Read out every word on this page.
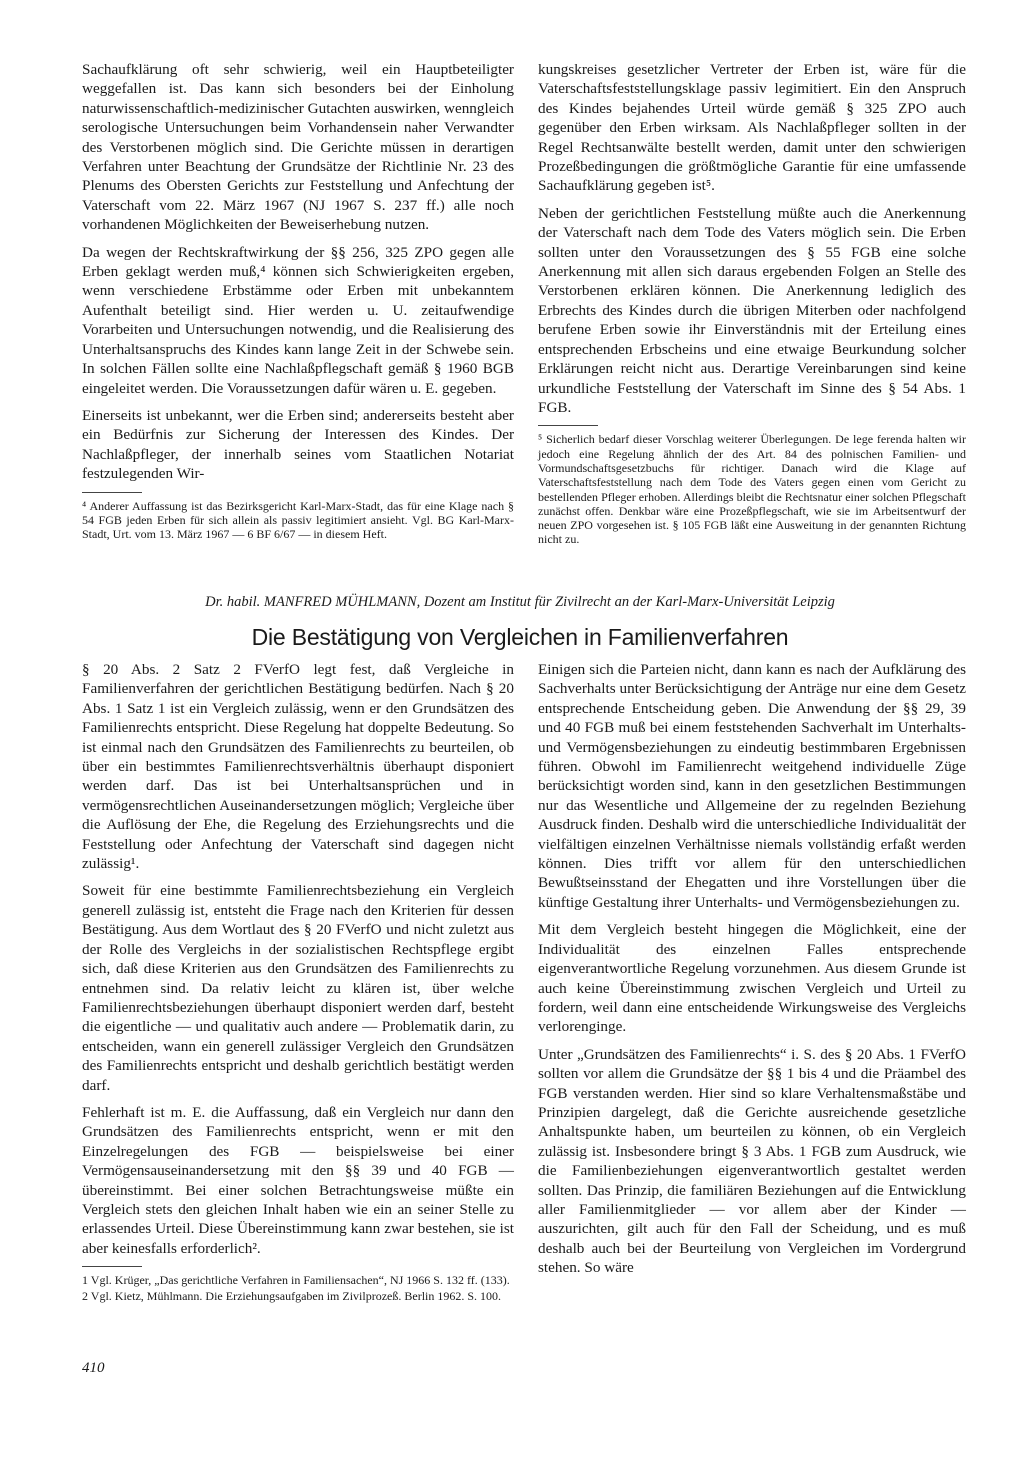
Sachaufklärung oft sehr schwierig, weil ein Hauptbeteiligter weggefallen ist. Das kann sich besonders bei der Einholung naturwissenschaftlich-medizinischer Gutachten auswirken, wenngleich serologische Untersuchungen beim Vorhandensein naher Verwandter des Verstorbenen möglich sind. Die Gerichte müssen in derartigen Verfahren unter Beachtung der Grundsätze der Richtlinie Nr. 23 des Plenums des Obersten Gerichts zur Feststellung und Anfechtung der Vaterschaft vom 22. März 1967 (NJ 1967 S. 237 ff.) alle noch vorhandenen Möglichkeiten der Beweiserhebung nutzen.

Da wegen der Rechtskraftwirkung der §§ 256, 325 ZPO gegen alle Erben geklagt werden muß,⁴ können sich Schwierigkeiten ergeben, wenn verschiedene Erbstämme oder Erben mit unbekanntem Aufenthalt beteiligt sind. Hier werden u. U. zeitaufwendige Vorarbeiten und Untersuchungen notwendig, und die Realisierung des Unterhaltsanspruchs des Kindes kann lange Zeit in der Schwebe sein. In solchen Fällen sollte eine Nachlaßpflegschaft gemäß § 1960 BGB eingeleitet werden. Die Voraussetzungen dafür wären u. E. gegeben.

Einerseits ist unbekannt, wer die Erben sind; andererseits besteht aber ein Bedürfnis zur Sicherung der Interessen des Kindes. Der Nachlaßpfleger, der innerhalb seines vom Staatlichen Notariat festzulegenden Wir-

⁴ Anderer Auffassung ist das Bezirksgericht Karl-Marx-Stadt, das für eine Klage nach § 54 FGB jeden Erben für sich allein als passiv legitimiert ansieht. Vgl. BG Karl-Marx-Stadt, Urt. vom 13. März 1967 — 6 BF 6/67 — in diesem Heft.

kungskreises gesetzlicher Vertreter der Erben ist, wäre für die Vaterschaftsfeststellungsklage passiv legimitiert. Ein den Anspruch des Kindes bejahendes Urteil würde gemäß § 325 ZPO auch gegenüber den Erben wirksam. Als Nachlaßpfleger sollten in der Regel Rechtsanwälte bestellt werden, damit unter den schwierigen Prozeßbedingungen die größtmögliche Garantie für eine umfassende Sachaufklärung gegeben ist⁵.

Neben der gerichtlichen Feststellung müßte auch die Anerkennung der Vaterschaft nach dem Tode des Vaters möglich sein. Die Erben sollten unter den Voraussetzungen des § 55 FGB eine solche Anerkennung mit allen sich daraus ergebenden Folgen an Stelle des Verstorbenen erklären können. Die Anerkennung lediglich des Erbrechts des Kindes durch die übrigen Miterben oder nachfolgend berufene Erben sowie ihr Einverständnis mit der Erteilung eines entsprechenden Erbscheins und eine etwaige Beurkundung solcher Erklärungen reicht nicht aus. Derartige Vereinbarungen sind keine urkundliche Feststellung der Vaterschaft im Sinne des § 54 Abs. 1 FGB.

⁵ Sicherlich bedarf dieser Vorschlag weiterer Überlegungen. De lege ferenda halten wir jedoch eine Regelung ähnlich der des Art. 84 des polnischen Familien- und Vormundschaftsgesetzbuchs für richtiger. Danach wird die Klage auf Vaterschaftsfeststellung nach dem Tode des Vaters gegen einen vom Gericht zu bestellenden Pfleger erhoben. Allerdings bleibt die Rechtsnatur einer solchen Pflegschaft zunächst offen. Denkbar wäre eine Prozeßpflegschaft, wie sie im Arbeitsentwurf der neuen ZPO vorgesehen ist. § 105 FGB läßt eine Ausweitung in der genannten Richtung nicht zu.
Dr. habil. MANFRED MÜHLMANN, Dozent am Institut für Zivilrecht an der Karl-Marx-Universität Leipzig
Die Bestätigung von Vergleichen in Familienverfahren

§ 20 Abs. 2 Satz 2 FVerfO legt fest, daß Vergleiche in Familienverfahren der gerichtlichen Bestätigung bedürfen. Nach § 20 Abs. 1 Satz 1 ist ein Vergleich zulässig, wenn er den Grundsätzen des Familienrechts entspricht. Diese Regelung hat doppelte Bedeutung. So ist einmal nach den Grundsätzen des Familienrechts zu beurteilen, ob über ein bestimmtes Familienrechtsverhältnis überhaupt disponiert werden darf. Das ist bei Unterhaltsansprüchen und in vermögensrechtlichen Auseinandersetzungen möglich; Vergleiche über die Auflösung der Ehe, die Regelung des Erziehungsrechts und die Feststellung oder Anfechtung der Vaterschaft sind dagegen nicht zulässig¹.

Soweit für eine bestimmte Familienrechtsbeziehung ein Vergleich generell zulässig ist, entsteht die Frage nach den Kriterien für dessen Bestätigung. Aus dem Wortlaut des § 20 FVerfO und nicht zuletzt aus der Rolle des Vergleichs in der sozialistischen Rechtspflege ergibt sich, daß diese Kriterien aus den Grundsätzen des Familienrechts zu entnehmen sind. Da relativ leicht zu klären ist, über welche Familienrechtsbeziehungen überhaupt disponiert werden darf, besteht die eigentliche — und qualitativ auch andere — Problematik darin, zu entscheiden, wann ein generell zulässiger Vergleich den Grundsätzen des Familienrechts entspricht und deshalb gerichtlich bestätigt werden darf.

Fehlerhaft ist m. E. die Auffassung, daß ein Vergleich nur dann den Grundsätzen des Familienrechts entspricht, wenn er mit den Einzelregelungen des FGB — beispielsweise bei einer Vermögensauseinandersetzung mit den §§ 39 und 40 FGB — übereinstimmt. Bei einer solchen Betrachtungsweise müßte ein Vergleich stets den gleichen Inhalt haben wie ein an seiner Stelle zu erlassendes Urteil. Diese Übereinstimmung kann zwar bestehen, sie ist aber keinesfalls erforderlich².

1 Vgl. Krüger, „Das gerichtliche Verfahren in Familiensachen“, NJ 1966 S. 132 ff. (133).
2 Vgl. Kietz, Mühlmann. Die Erziehungsaufgaben im Zivilprozeß. Berlin 1962. S. 100.

Einigen sich die Parteien nicht, dann kann es nach der Aufklärung des Sachverhalts unter Berücksichtigung der Anträge nur eine dem Gesetz entsprechende Entscheidung geben. Die Anwendung der §§ 29, 39 und 40 FGB muß bei einem feststehenden Sachverhalt im Unterhalts- und Vermögensbeziehungen zu eindeutig bestimmbaren Ergebnissen führen. Obwohl im Familienrecht weitgehend individuelle Züge berücksichtigt worden sind, kann in den gesetzlichen Bestimmungen nur das Wesentliche und Allgemeine der zu regelnden Beziehung Ausdruck finden. Deshalb wird die unterschiedliche Individualität der vielfältigen einzelnen Verhältnisse niemals vollständig erfaßt werden können. Dies trifft vor allem für den unterschiedlichen Bewußtseinsstand der Ehegatten und ihre Vorstellungen über die künftige Gestaltung ihrer Unterhalts- und Vermögensbeziehungen zu.

Mit dem Vergleich besteht hingegen die Möglichkeit, eine der Individualität des einzelnen Falles entsprechende eigenverantwortliche Regelung vorzunehmen. Aus diesem Grunde ist auch keine Übereinstimmung zwischen Vergleich und Urteil zu fordern, weil dann eine entscheidende Wirkungsweise des Vergleichs verlorenginge.

Unter „Grundsätzen des Familienrechts“ i. S. des § 20 Abs. 1 FVerfO sollten vor allem die Grundsätze der §§ 1 bis 4 und die Präambel des FGB verstanden werden. Hier sind so klare Verhaltensmaßstäbe und Prinzipien dargelegt, daß die Gerichte ausreichende gesetzliche Anhaltspunkte haben, um beurteilen zu können, ob ein Vergleich zulässig ist. Insbesondere bringt § 3 Abs. 1 FGB zum Ausdruck, wie die Familienbeziehungen eigenverantwortlich gestaltet werden sollten. Das Prinzip, die familiären Beziehungen auf die Entwicklung aller Familienmitglieder — vor allem aber der Kinder — auszurichten, gilt auch für den Fall der Scheidung, und es muß deshalb auch bei der Beurteilung von Vergleichen im Vordergrund stehen. So wäre

410
